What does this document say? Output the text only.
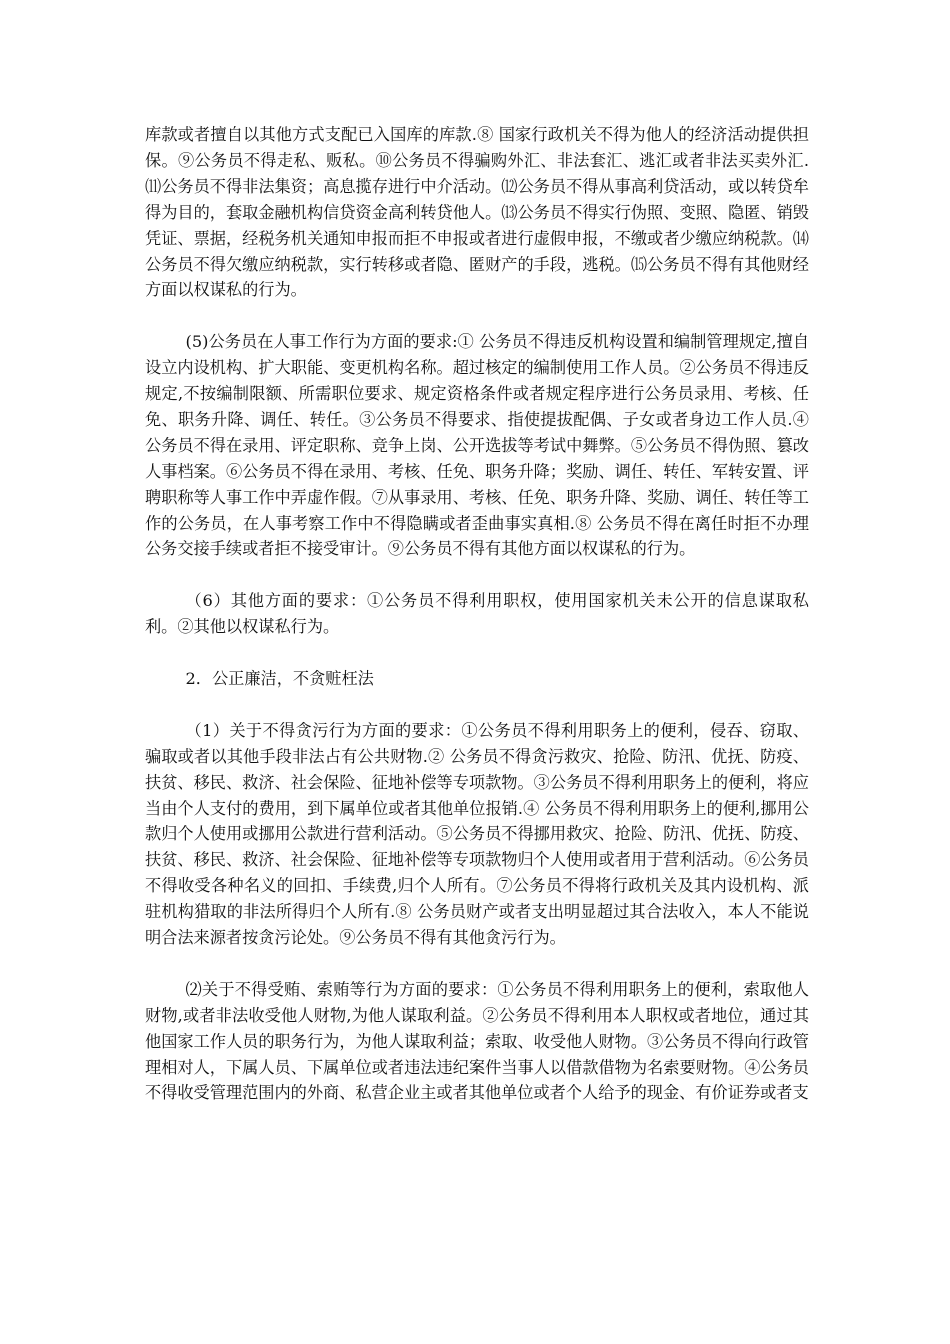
库款或者擅自以其他方式支配已入国库的库款.⑧ 国家行政机关不得为他人的经济活动提供担保。⑨公务员不得走私、贩私。⑩公务员不得骗购外汇、非法套汇、逃汇或者非法买卖外汇.⑾公务员不得非法集资；高息揽存进行中介活动。⑿公务员不得从事高利贷活动，或以转贷牟得为目的，套取金融机构信贷资金高利转贷他人。⒀公务员不得实行伪照、变照、隐匿、销毁凭证、票据，经税务机关通知申报而拒不申报或者进行虚假申报，不缴或者少缴应纳税款。⒁公务员不得欠缴应纳税款，实行转移或者隐、匿财产的手段，逃税。⒂公务员不得有其他财经方面以权谋私的行为。

(5)公务员在人事工作行为方面的要求:① 公务员不得违反机构设置和编制管理规定,擅自设立内设机构、扩大职能、变更机构名称。超过核定的编制使用工作人员。②公务员不得违反规定,不按编制限额、所需职位要求、规定资格条件或者规定程序进行公务员录用、考核、任免、职务升降、调任、转任。③公务员不得要求、指使提拔配偶、子女或者身边工作人员.④ 公务员不得在录用、评定职称、竞争上岗、公开选拔等考试中舞弊。⑤公务员不得伪照、篡改人事档案。⑥公务员不得在录用、考核、任免、职务升降；奖励、调任、转任、军转安置、评聘职称等人事工作中弄虚作假。⑦从事录用、考核、任免、职务升降、奖励、调任、转任等工作的公务员，在人事考察工作中不得隐瞒或者歪曲事实真相.⑧ 公务员不得在离任时拒不办理公务交接手续或者拒不接受审计。⑨公务员不得有其他方面以权谋私的行为。

（6）其他方面的要求：①公务员不得利用职权，使用国家机关未公开的信息谋取私利。②其他以权谋私行为。

2．公正廉洁，不贪赃枉法

（1）关于不得贪污行为方面的要求：①公务员不得利用职务上的便利，侵吞、窃取、骗取或者以其他手段非法占有公共财物.② 公务员不得贪污救灾、抢险、防汛、优抚、防疫、扶贫、移民、救济、社会保险、征地补偿等专项款物。③公务员不得利用职务上的便利，将应当由个人支付的费用，到下属单位或者其他单位报销.④ 公务员不得利用职务上的便利,挪用公款归个人使用或挪用公款进行营利活动。⑤公务员不得挪用救灾、抢险、防汛、优抚、防疫、扶贫、移民、救济、社会保险、征地补偿等专项款物归个人使用或者用于营利活动。⑥公务员不得收受各种名义的回扣、手续费,归个人所有。⑦公务员不得将行政机关及其内设机构、派驻机构猎取的非法所得归个人所有.⑧ 公务员财产或者支出明显超过其合法收入，本人不能说明合法来源者按贪污论处。⑨公务员不得有其他贪污行为。

⑵关于不得受贿、索贿等行为方面的要求：①公务员不得利用职务上的便利，索取他人财物,或者非法收受他人财物,为他人谋取利益。②公务员不得利用本人职权或者地位，通过其他国家工作人员的职务行为，为他人谋取利益；索取、收受他人财物。③公务员不得向行政管理相对人，下属人员、下属单位或者违法违纪案件当事人以借款借物为名索要财物。④公务员不得收受管理范围内的外商、私营企业主或者其他单位或者个人给予的现金、有价证券或者支
